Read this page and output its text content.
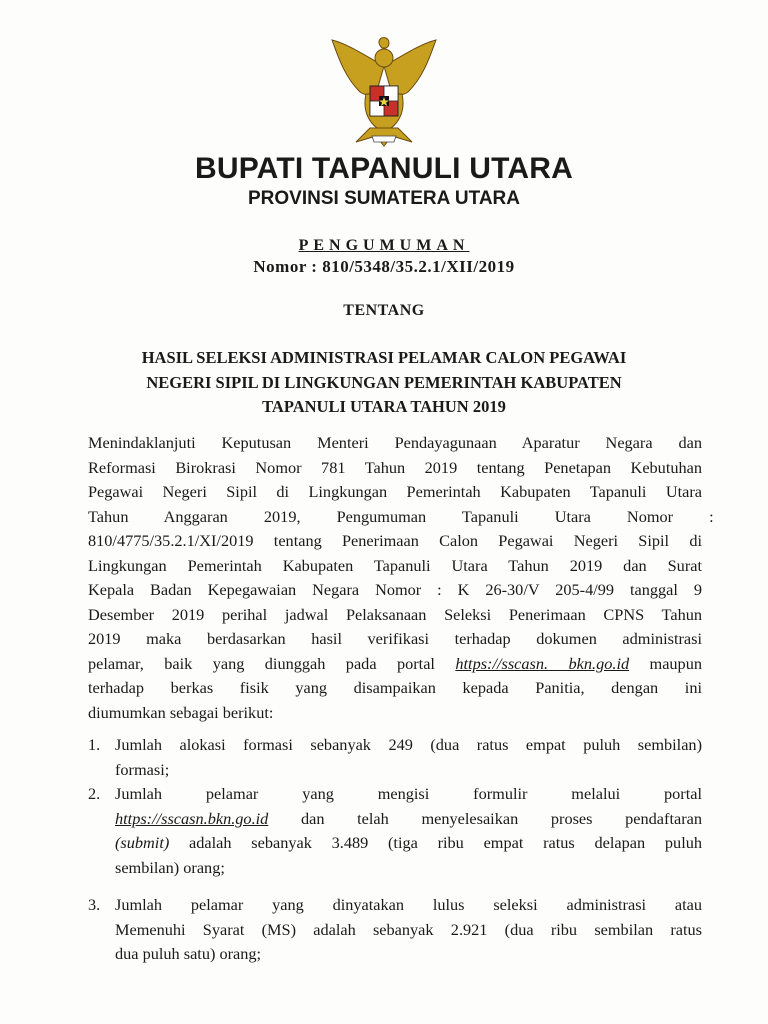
BUPATI TAPANULI UTARA
PROVINSI SUMATERA UTARA
PENGUMUMAN
Nomor : 810/5348/35.2.1/XII/2019
TENTANG
HASIL SELEKSI ADMINISTRASI PELAMAR CALON PEGAWAI
NEGERI SIPIL DI LINGKUNGAN PEMERINTAH KABUPATEN
TAPANULI UTARA TAHUN 2019
Menindaklanjuti Keputusan Menteri Pendayagunaan Aparatur Negara dan
Reformasi Birokrasi Nomor 781 Tahun 2019 tentang Penetapan Kebutuhan
Pegawai Negeri Sipil di Lingkungan Pemerintah Kabupaten Tapanuli Utara
Tahun Anggaran 2019, Pengumuman Tapanuli Utara Nomor :
810/4775/35.2.1/XI/2019 tentang Penerimaan Calon Pegawai Negeri Sipil di
Lingkungan Pemerintah Kabupaten Tapanuli Utara Tahun 2019 dan Surat
Kepala Badan Kepegawaian Negara Nomor : K 26-30/V 205-4/99 tanggal 9
Desember 2019 perihal jadwal Pelaksanaan Seleksi Penerimaan CPNS Tahun
2019 maka berdasarkan hasil verifikasi terhadap dokumen administrasi
pelamar, baik yang diunggah pada portal https://sscasn. bkn.go.id maupun
terhadap berkas fisik yang disampaikan kepada Panitia, dengan ini
diumumkan sebagai berikut:
1. Jumlah alokasi formasi sebanyak 249 (dua ratus empat puluh sembilan)
formasi;
2. Jumlah pelamar yang mengisi formulir melalui portal
https://sscasn.bkn.go.id dan telah menyelesaikan proses pendaftaran
(submit) adalah sebanyak 3.489 (tiga ribu empat ratus delapan puluh
sembilan) orang;
3. Jumlah pelamar yang dinyatakan lulus seleksi administrasi atau
Memenuhi Syarat (MS) adalah sebanyak 2.921 (dua ribu sembilan ratus
dua puluh satu) orang;
